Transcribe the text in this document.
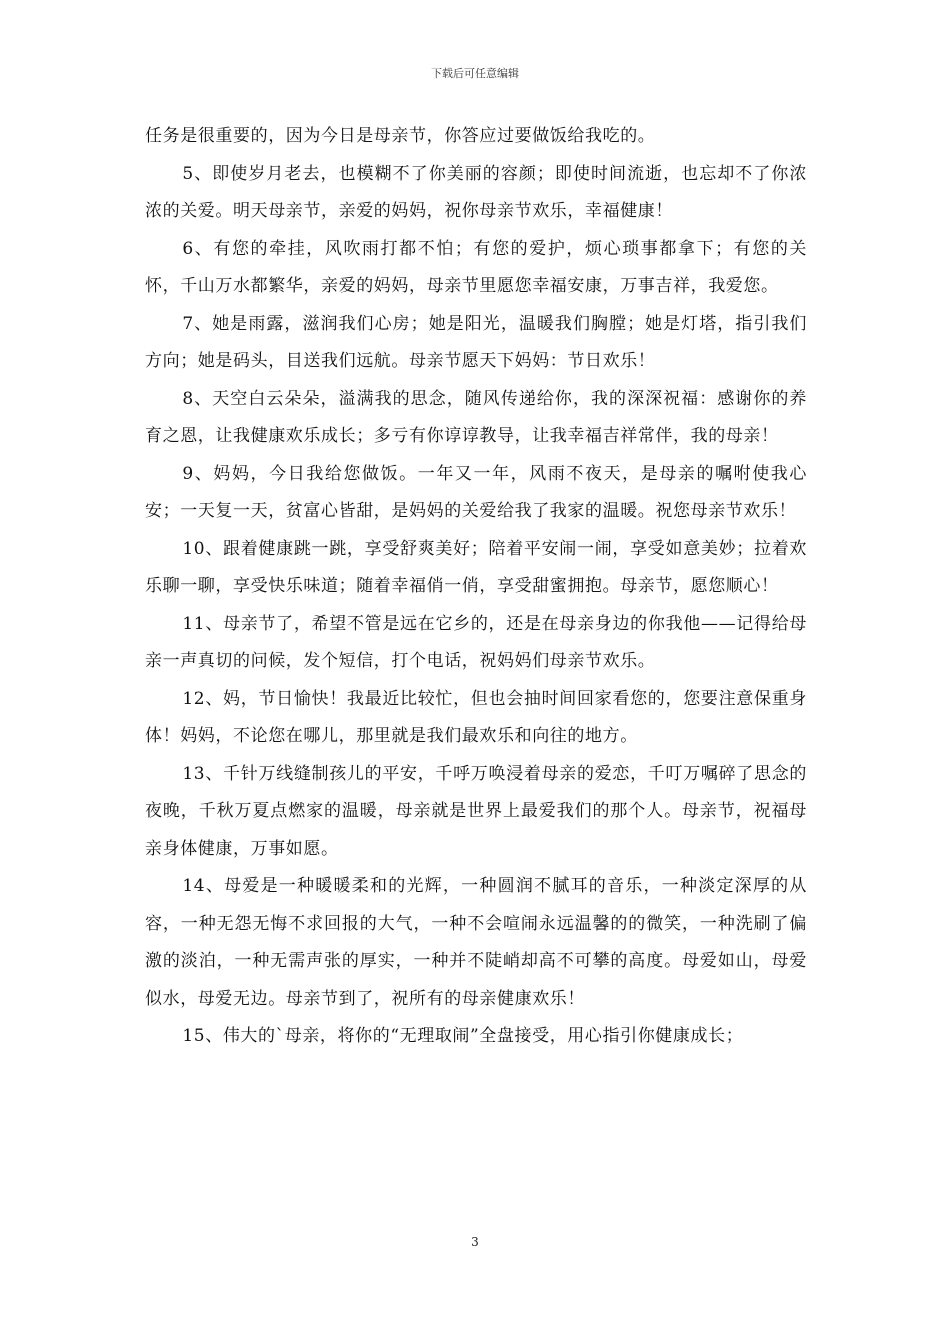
下载后可任意编辑

任务是很重要的，因为今日是母亲节，你答应过要做饭给我吃的。

5、即使岁月老去，也模糊不了你美丽的容颜；即使时间流逝，也忘却不了你浓浓的关爱。明天母亲节，亲爱的妈妈，祝你母亲节欢乐，幸福健康！

6、有您的牵挂，风吹雨打都不怕；有您的爱护，烦心琐事都拿下；有您的关怀，千山万水都繁华，亲爱的妈妈，母亲节里愿您幸福安康，万事吉祥，我爱您。

7、她是雨露，滋润我们心房；她是阳光，温暖我们胸膛；她是灯塔，指引我们方向；她是码头，目送我们远航。母亲节愿天下妈妈：节日欢乐！

8、天空白云朵朵，溢满我的思念，随风传递给你，我的深深祝福：感谢你的养育之恩，让我健康欢乐成长；多亏有你谆谆教导，让我幸福吉祥常伴，我的母亲！

9、妈妈，今日我给您做饭。一年又一年，风雨不夜天，是母亲的嘱咐使我心安；一天复一天，贫富心皆甜，是妈妈的关爱给我了我家的温暖。祝您母亲节欢乐！

10、跟着健康跳一跳，享受舒爽美好；陪着平安闹一闹，享受如意美妙；拉着欢乐聊一聊，享受快乐味道；随着幸福俏一俏，享受甜蜜拥抱。母亲节，愿您顺心！

11、母亲节了，希望不管是远在它乡的，还是在母亲身边的你我他——记得给母亲一声真切的问候，发个短信，打个电话，祝妈妈们母亲节欢乐。

12、妈，节日愉快！我最近比较忙，但也会抽时间回家看您的，您要注意保重身体！妈妈，不论您在哪儿，那里就是我们最欢乐和向往的地方。

13、千针万线缝制孩儿的平安，千呼万唤浸着母亲的爱恋，千叮万嘱碎了思念的夜晚，千秋万夏点燃家的温暖，母亲就是世界上最爱我们的那个人。母亲节，祝福母亲身体健康，万事如愿。

14、母爱是一种暖暖柔和的光辉，一种圆润不腻耳的音乐，一种淡定深厚的从容，一种无怨无悔不求回报的大气，一种不会喧闹永远温馨的的微笑，一种洗刷了偏激的淡泊，一种无需声张的厚实，一种并不陡峭却高不可攀的高度。母爱如山，母爱似水，母爱无边。母亲节到了，祝所有的母亲健康欢乐！

15、伟大的`母亲，将你的“无理取闹”全盘接受，用心指引你健康成长；

3
